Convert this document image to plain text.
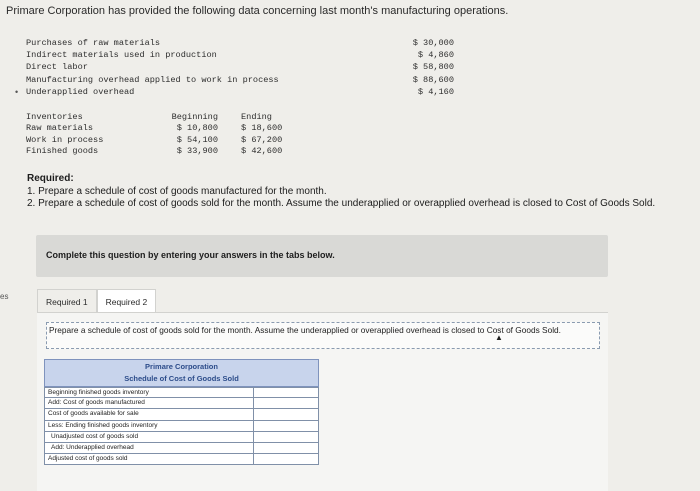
Primare Corporation has provided the following data concerning last month's manufacturing operations.
Purchases of raw materials	$ 30,000
Indirect materials used in production	$ 4,860
Direct labor	$ 58,800
Manufacturing overhead applied to work in process	$ 88,600
Underapplied overhead	$ 4,160
•
Inventories	Beginning	Ending
Raw materials	$ 10,800	$ 18,600
Work in process	$ 54,100	$ 67,200
Finished goods	$ 33,900	$ 42,600
Required:
1. Prepare a schedule of cost of goods manufactured for the month.
2. Prepare a schedule of cost of goods sold for the month. Assume the underapplied or overapplied overhead is closed to Cost of Goods Sold.
Complete this question by entering your answers in the tabs below.
es
Required 1	Required 2
Prepare a schedule of cost of goods sold for the month. Assume the underapplied or overapplied overhead is closed to Cost of Goods Sold.
▲
Primare Corporation
Schedule of Cost of Goods Sold
Beginning finished goods inventory
Add: Cost of goods manufactured
Cost of goods available for sale
Less: Ending finished goods inventory
Unadjusted cost of goods sold
Add: Underapplied overhead
Adjusted cost of goods sold
